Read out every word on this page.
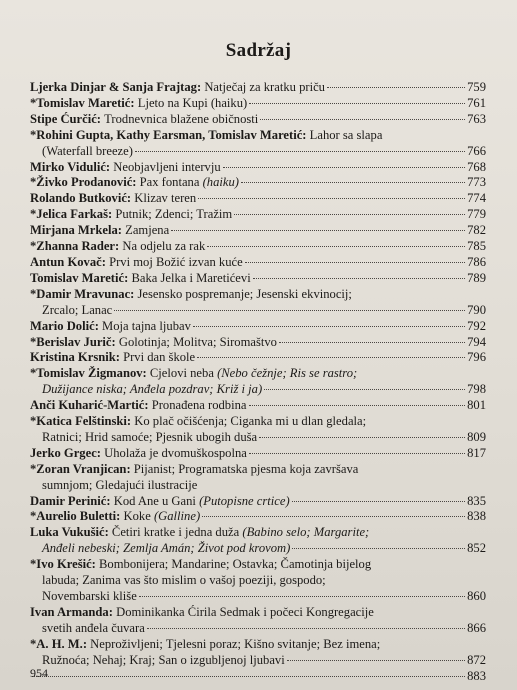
Sadržaj
Ljerka Dinjar & Sanja Frajtag:
Natječaj za kratku priču	759
* Tomislav Maretić:
Ljeto na Kupi (haiku)	761
Stipe Ćurčić:
Trodnevnica blažene običnosti	763
* Rohini Gupta, Kathy Earsman, Tomislav Maretić:
Lahor sa slapa
(Waterfall breeze)	766
Mirko Vidulić:
Neobjavljeni intervju	768
* Živko Prodanović:
Pax fontana
(haiku)	773
Rolando Butković:
Klizav teren	774
* Jelica Farkaš:
Putnik; Zdenci; Tražim	779
Mirjana Mrkela:
Zamjena	782
* Zhanna Rader:
Na odjelu za rak	785
Antun Kovač:
Prvi moj Božić izvan kuće	786
Tomislav Maretić:
Baka Jelka i Maretićevi	789
* Damir Mravunac:
Jesensko pospremanje; Jesenski ekvinocij;
Zrcalo; Lanac	790
Mario Dolić:
Moja tajna ljubav	792
* Berislav Jurič:
Golotinja; Molitva; Siromaštvo	794
Kristina Krsnik:
Prvi dan škole	796
* Tomislav Žigmanov:
Cjelovi neba
(Nebo čežnje; Ris se rastro;
Dužijance niska; Anđela pozdrav; Križ i ja)	798
Anči Kuharić-Martić:
Pronađena rodbina	801
* Katica Felštinski:
Ko plač očišćenja; Ciganka mi u dlan gledala;
Ratnici; Hrid samoće; Pjesnik ubogih duša	809
Jerko Grgec:
Uholaža je dvomuškospolna	817
* Zoran Vranjican:
Pijanist; Programatska pjesma koja završava
sumnjom; Gledajući ilustracije
Damir Perinić:
Kod Ane u Gani
(Putopisne crtice)	835
* Aurelio Buletti:
Koke
(Galline)	838
Luka Vukušić:
Četiri kratke i jedna duža
(Babino selo; Margarite;
Anđeli nebeski; Zemlja Amán; Život pod krovom)	852
* Ivo Krešić:
Bombonijera; Mandarine; Ostavka; Čamotinja bijelog
labuda; Zanima vas što mislim o vašoj poeziji, gospodo;
Novembarski kliše	860
Ivan Armanda:
Dominikanka Ćirila Sedmak i počeci Kongregacije
svetih anđela čuvara	866
* A. H. M.:
Neproživljeni; Tjelesni poraz; Kišno svitanje; Bez imena;
Ružnoća; Nehaj; Kraj; San o izgubljenoj ljubavi	872
883
954
